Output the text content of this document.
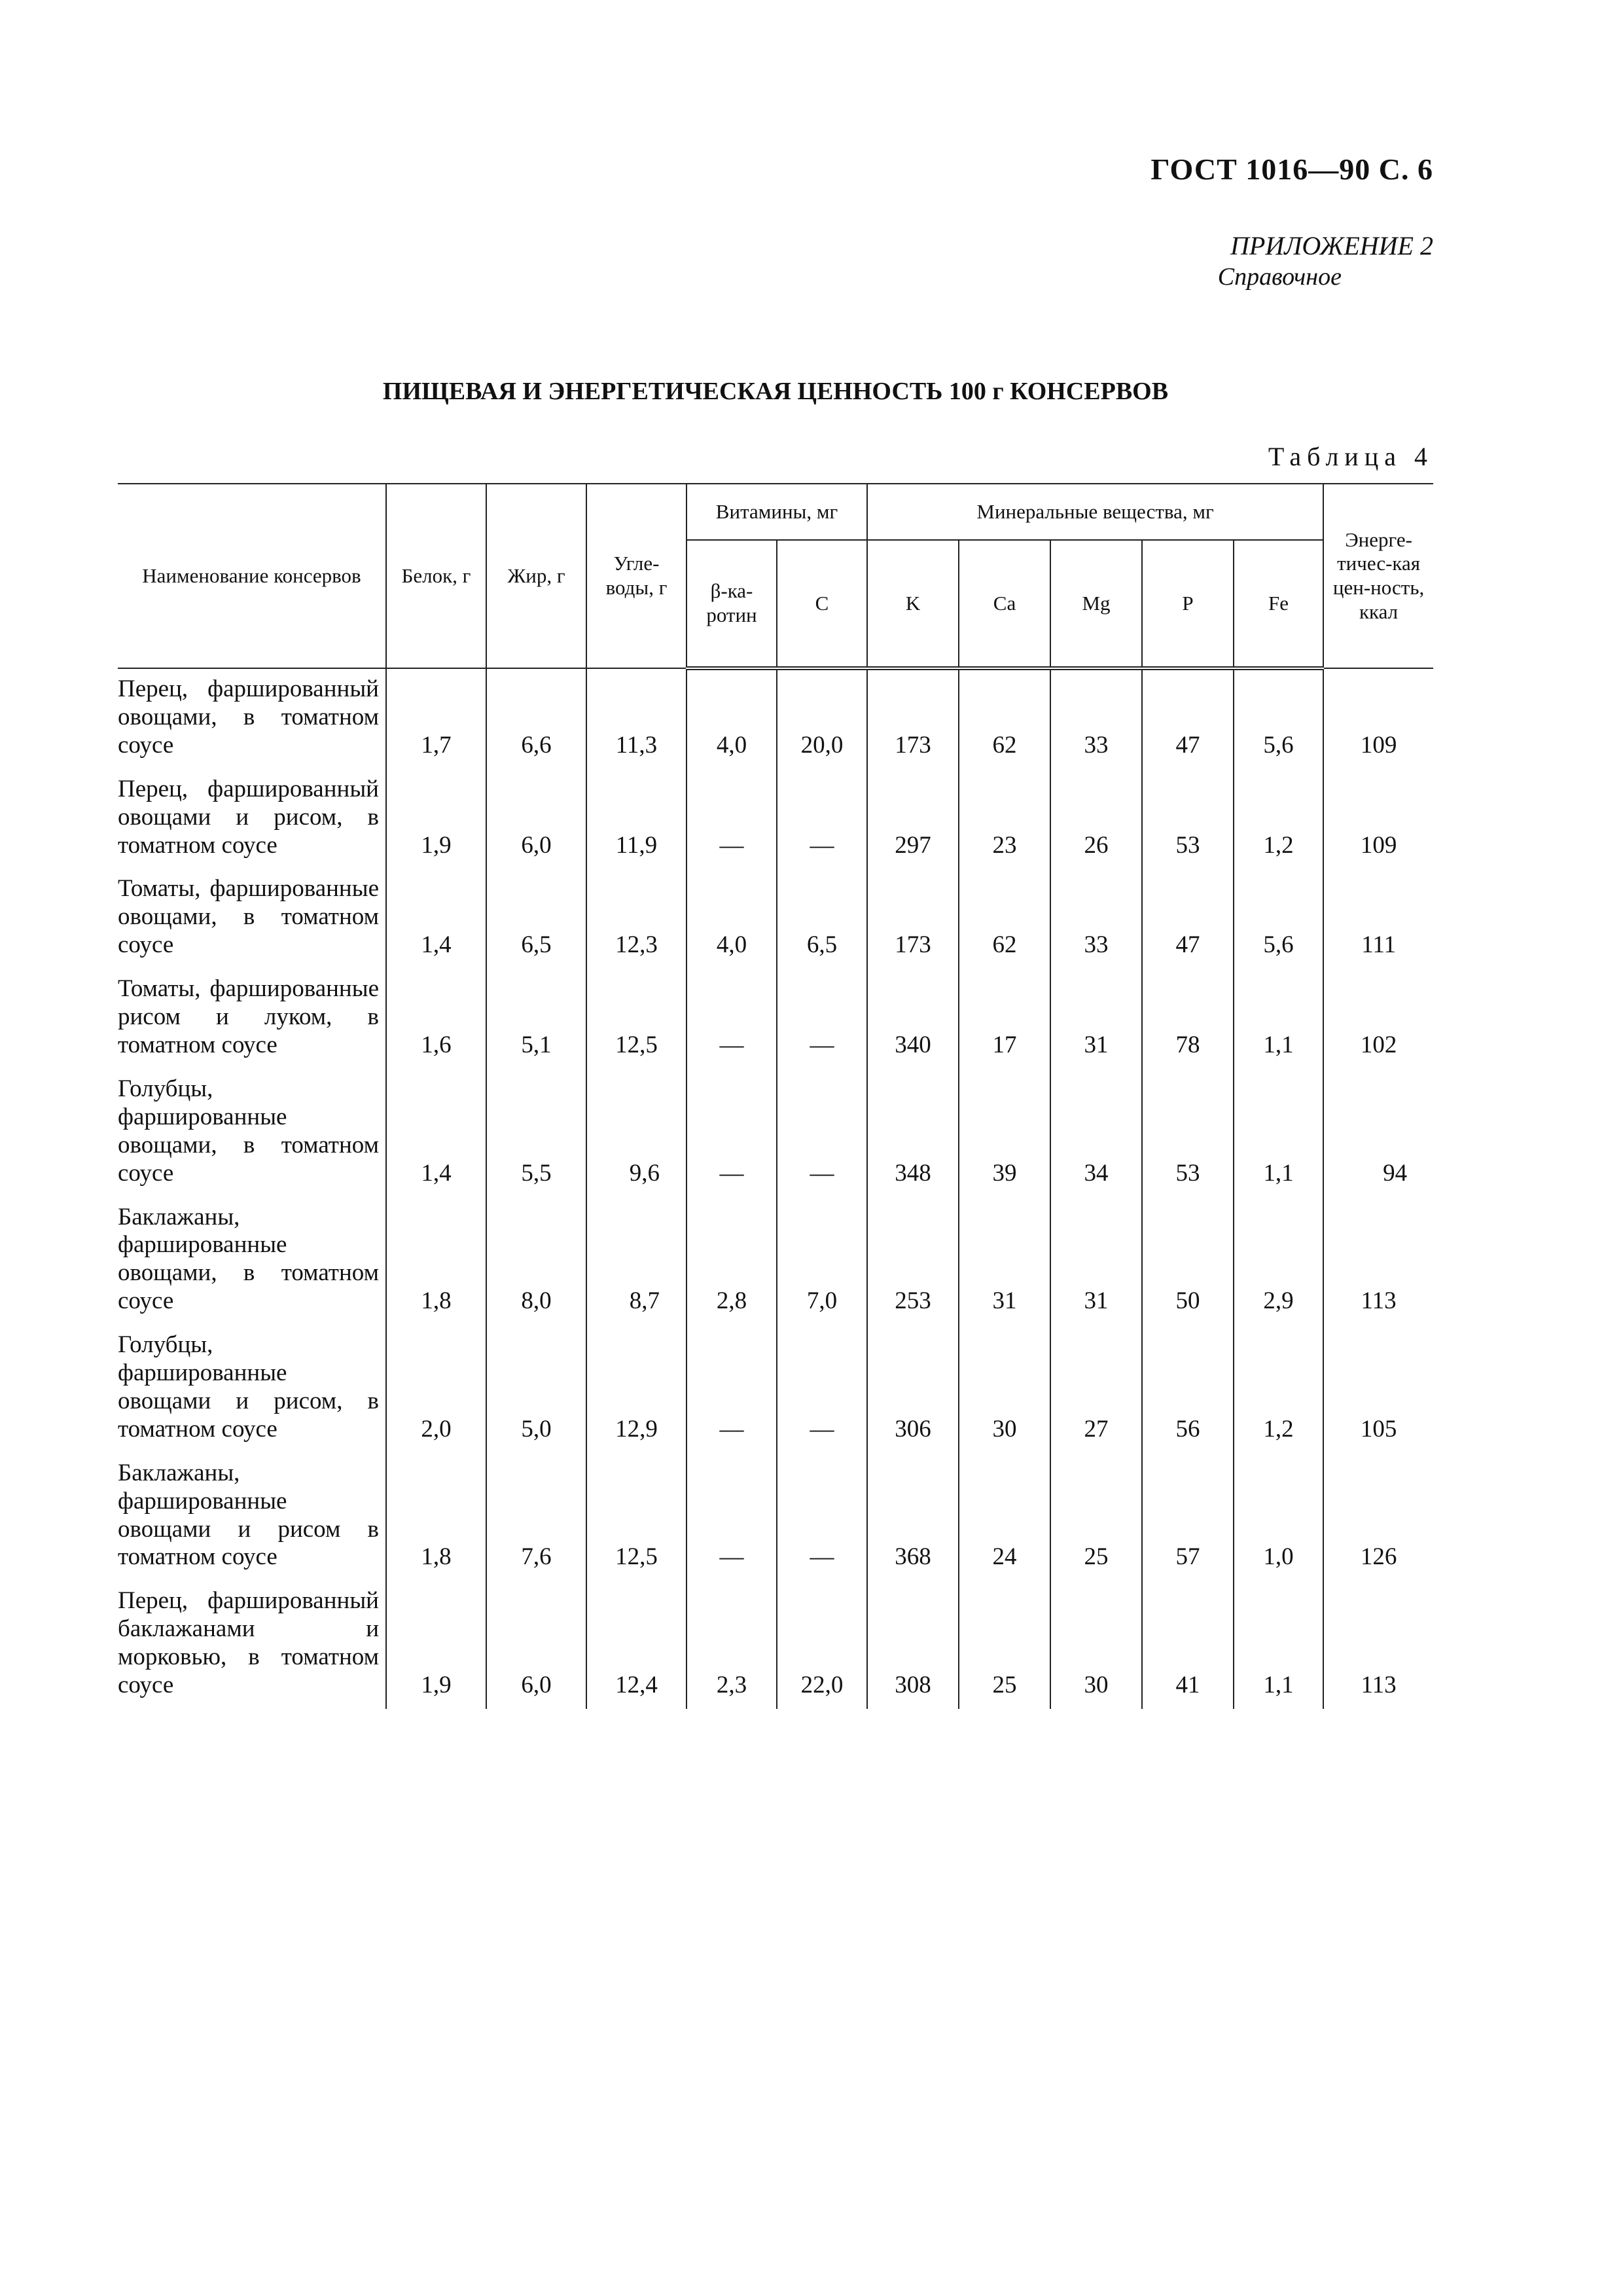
ГОСТ 1016—90 С. 6
ПРИЛОЖЕНИЕ 2
Справочное
ПИЩЕВАЯ И ЭНЕРГЕТИЧЕСКАЯ ЦЕННОСТЬ 100 г КОНСЕРВОВ
Таблица 4
Наименование консервов	Белок, г	Жир, г	Угле-воды, г	Витамины, мг		Минеральные вещества, мг					Энерге-тичес-кая цен-ность, ккал
				β-ка-ротин	C	K	Ca	Mg	P	Fe	
Перец, фаршированный овощами, в томатном соусе	1,7	6,6	11,3	4,0	20,0	173	62	33	47	5,6	109
Перец, фаршированный овощами и рисом, в томатном соусе	1,9	6,0	11,9	—	—	297	23	26	53	1,2	109
Томаты, фаршированные овощами, в томатном соусе	1,4	6,5	12,3	4,0	6,5	173	62	33	47	5,6	111
Томаты, фаршированные рисом и луком, в томатном соусе	1,6	5,1	12,5	—	—	340	17	31	78	1,1	102
Голубцы, фаршированные овощами, в томатном соусе	1,4	5,5	9,6	—	—	348	39	34	53	1,1	94
Баклажаны, фаршированные овощами, в томатном соусе	1,8	8,0	8,7	2,8	7,0	253	31	31	50	2,9	113
Голубцы, фаршированные овощами и рисом, в томатном соусе	2,0	5,0	12,9	—	—	306	30	27	56	1,2	105
Баклажаны, фаршированные овощами и рисом в томатном соусе	1,8	7,6	12,5	—	—	368	24	25	57	1,0	126
Перец, фаршированный баклажанами и морковью, в томатном соусе	1,9	6,0	12,4	2,3	22,0	308	25	30	41	1,1	113
